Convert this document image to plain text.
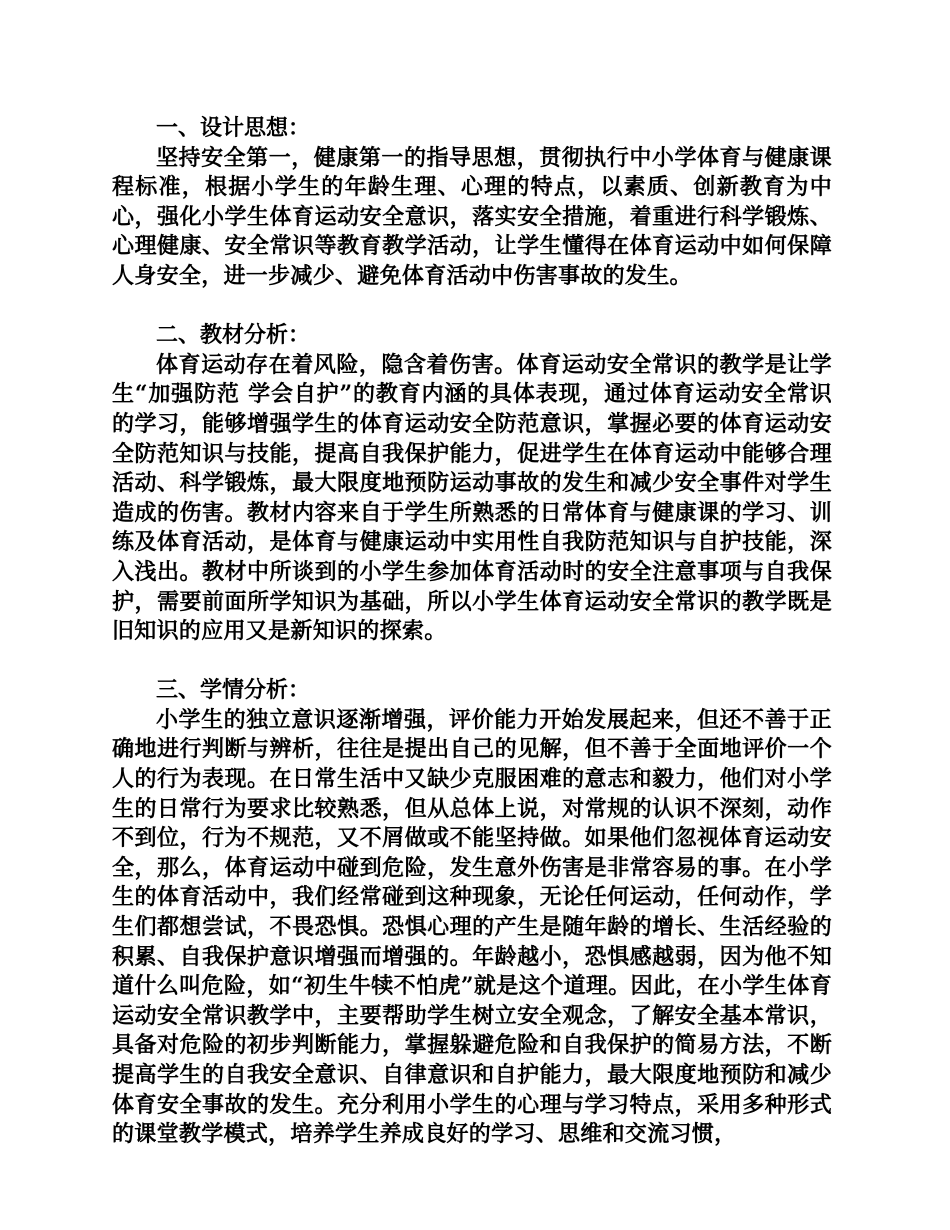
一、设计思想：

坚持安全第一，健康第一的指导思想，贯彻执行中小学体育与健康课程标准，根据小学生的年龄生理、心理的特点，以素质、创新教育为中心，强化小学生体育运动安全意识，落实安全措施，着重进行科学锻炼、心理健康、安全常识等教育教学活动，让学生懂得在体育运动中如何保障人身安全，进一步减少、避免体育活动中伤害事故的发生。

二、教材分析：

体育运动存在着风险，隐含着伤害。体育运动安全常识的教学是让学生“加强防范 学会自护”的教育内涵的具体表现，通过体育运动安全常识的学习，能够增强学生的体育运动安全防范意识，掌握必要的体育运动安全防范知识与技能，提高自我保护能力，促进学生在体育运动中能够合理活动、科学锻炼，最大限度地预防运动事故的发生和减少安全事件对学生造成的伤害。教材内容来自于学生所熟悉的日常体育与健康课的学习、训练及体育活动，是体育与健康运动中实用性自我防范知识与自护技能，深入浅出。教材中所谈到的小学生参加体育活动时的安全注意事项与自我保护，需要前面所学知识为基础，所以小学生体育运动安全常识的教学既是旧知识的应用又是新知识的探索。

三、学情分析：

小学生的独立意识逐渐增强，评价能力开始发展起来，但还不善于正确地进行判断与辨析，往往是提出自己的见解，但不善于全面地评价一个人的行为表现。在日常生活中又缺少克服困难的意志和毅力，他们对小学生的日常行为要求比较熟悉，但从总体上说，对常规的认识不深刻，动作不到位，行为不规范，又不屑做或不能坚持做。如果他们忽视体育运动安全，那么，体育运动中碰到危险，发生意外伤害是非常容易的事。在小学生的体育活动中，我们经常碰到这种现象，无论任何运动，任何动作，学生们都想尝试，不畏恐惧。恐惧心理的产生是随年龄的增长、生活经验的积累、自我保护意识增强而增强的。年龄越小，恐惧感越弱，因为他不知道什么叫危险，如“初生牛犊不怕虎”就是这个道理。因此，在小学生体育运动安全常识教学中，主要帮助学生树立安全观念，了解安全基本常识，具备对危险的初步判断能力，掌握躲避危险和自我保护的简易方法，不断提高学生的自我安全意识、自律意识和自护能力，最大限度地预防和减少体育安全事故的发生。充分利用小学生的心理与学习特点，采用多种形式的课堂教学模式，培养学生养成良好的学习、思维和交流习惯，
